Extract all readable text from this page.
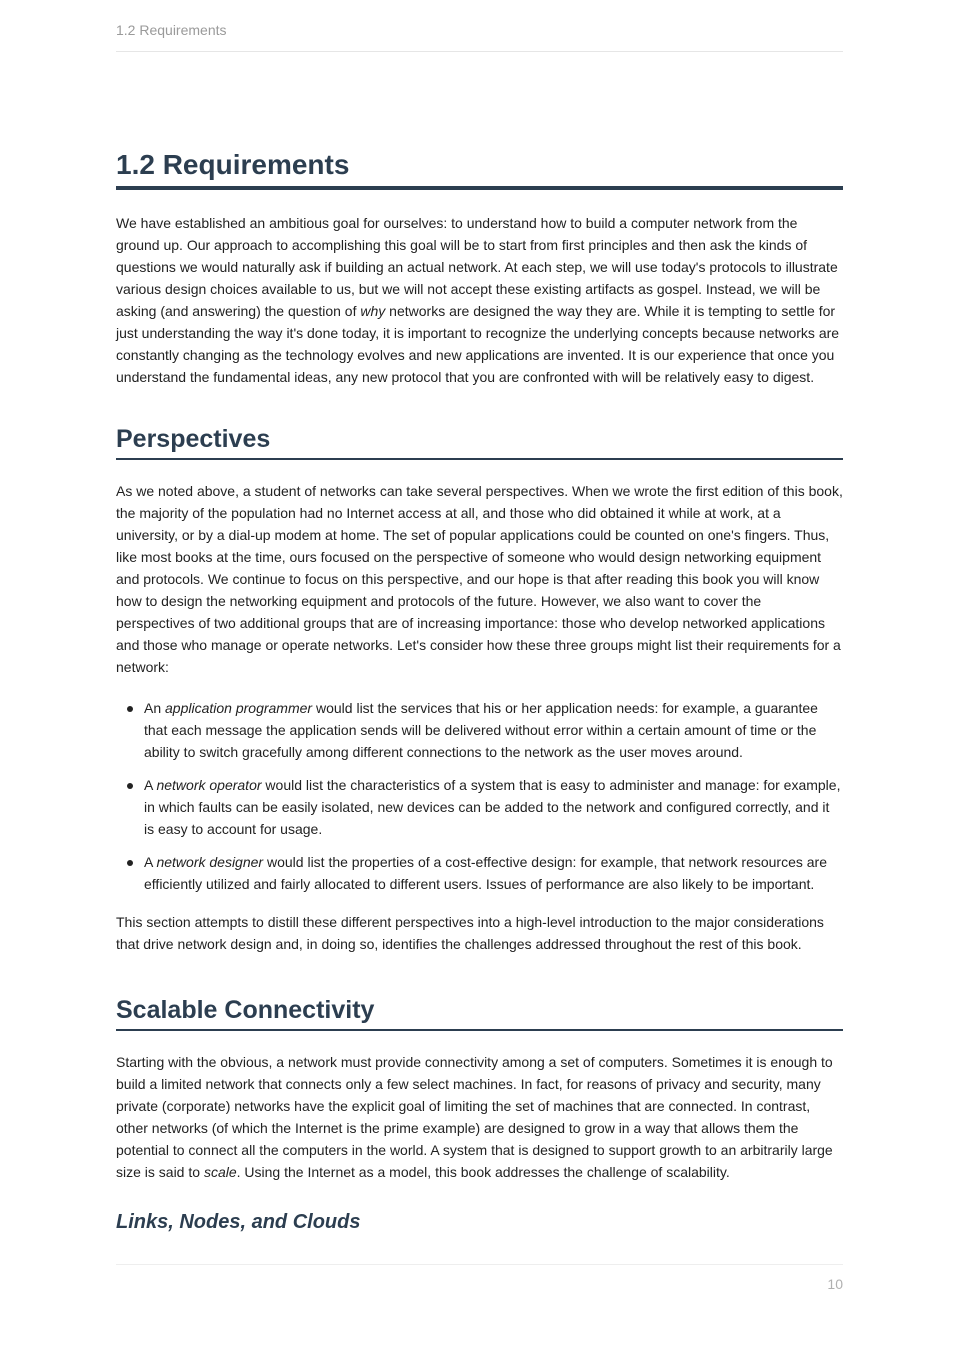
1.2 Requirements
1.2 Requirements

We have established an ambitious goal for ourselves: to understand how to build a computer network from the ground up. Our approach to accomplishing this goal will be to start from first principles and then ask the kinds of questions we would naturally ask if building an actual network. At each step, we will use today's protocols to illustrate various design choices available to us, but we will not accept these existing artifacts as gospel. Instead, we will be asking (and answering) the question of why networks are designed the way they are. While it is tempting to settle for just understanding the way it's done today, it is important to recognize the underlying concepts because networks are constantly changing as the technology evolves and new applications are invented. It is our experience that once you understand the fundamental ideas, any new protocol that you are confronted with will be relatively easy to digest.

Perspectives

As we noted above, a student of networks can take several perspectives. When we wrote the first edition of this book, the majority of the population had no Internet access at all, and those who did obtained it while at work, at a university, or by a dial-up modem at home. The set of popular applications could be counted on one's fingers. Thus, like most books at the time, ours focused on the perspective of someone who would design networking equipment and protocols. We continue to focus on this perspective, and our hope is that after reading this book you will know how to design the networking equipment and protocols of the future. However, we also want to cover the perspectives of two additional groups that are of increasing importance: those who develop networked applications and those who manage or operate networks. Let's consider how these three groups might list their requirements for a network:

An application programmer would list the services that his or her application needs: for example, a guarantee that each message the application sends will be delivered without error within a certain amount of time or the ability to switch gracefully among different connections to the network as the user moves around.
A network operator would list the characteristics of a system that is easy to administer and manage: for example, in which faults can be easily isolated, new devices can be added to the network and configured correctly, and it is easy to account for usage.
A network designer would list the properties of a cost-effective design: for example, that network resources are efficiently utilized and fairly allocated to different users. Issues of performance are also likely to be important.

This section attempts to distill these different perspectives into a high-level introduction to the major considerations that drive network design and, in doing so, identifies the challenges addressed throughout the rest of this book.

Scalable Connectivity

Starting with the obvious, a network must provide connectivity among a set of computers. Sometimes it is enough to build a limited network that connects only a few select machines. In fact, for reasons of privacy and security, many private (corporate) networks have the explicit goal of limiting the set of machines that are connected. In contrast, other networks (of which the Internet is the prime example) are designed to grow in a way that allows them the potential to connect all the computers in the world. A system that is designed to support growth to an arbitrarily large size is said to scale. Using the Internet as a model, this book addresses the challenge of scalability.

Links, Nodes, and Clouds
10
